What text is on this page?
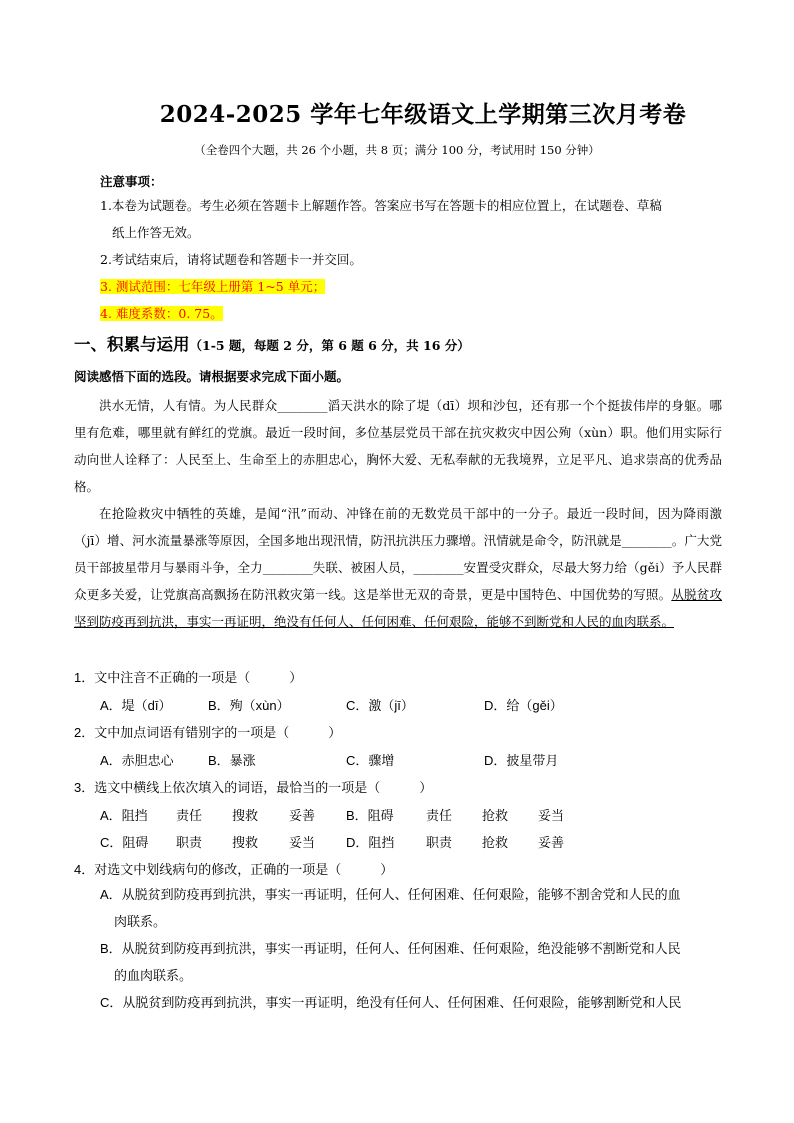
2024-2025 学年七年级语文上学期第三次月考卷
（全卷四个大题，共 26 个小题，共 8 页；满分 100 分，考试用时 150 分钟）
注意事项：
1.本卷为试题卷。考生必须在答题卡上解题作答。答案应书写在答题卡的相应位置上，在试题卷、草稿
纸上作答无效。
2.考试结束后，请将试题卷和答题卡一并交回。
3. 测试范围：七年级上册第 1~5 单元；
4. 难度系数：0. 75。
一、积累与运用（1-5 题，每题 2 分，第 6 题 6 分，共 16 分）
阅读感悟下面的选段。请根据要求完成下面小题。
洪水无情，人有情。为人民群众________滔天洪水的除了堤（dī）坝和沙包，还有那一个个挺拔伟岸的身躯。哪里有危难，哪里就有鲜红的党旗。最近一段时间，多位基层党员干部在抗灾救灾中因公殉（xùn）职。他们用实际行动向世人诠释了：人民至上、生命至上的赤胆忠心，胸怀大爱、无私奉献的无我境界，立足平凡、追求崇高的优秀品格。
在抢险救灾中牺牲的英雄，是闻“汛”而动、冲锋在前的无数党员干部中的一分子。最近一段时间，因为降雨激（jī）增、河水流量暴涨等原因，全国多地出现汛情，防汛抗洪压力骤增。汛情就是命令，防汛就是________。广大党员干部披星带月与暴雨斗争，全力________失联、被困人员，________安置受灾群众，尽最大努力给（gěi）予人民群众更多关爱，让党旗高高飘扬在防汛救灾第一线。这是举世无双的奇景，更是中国特色、中国优势的写照。从脱贫攻坚到防疫再到抗洪，事实一再证明，绝没有任何人、任何困难、任何艰险，能够不到断党和人民的血肉联系。
1．文中注音不正确的一项是（　　　）
A．堤（dī）	B．殉（xùn）	C．激（jī）	D．给（gěi）
2．文中加点词语有错别字的一项是（　　　）
A．赤胆忠心	B．暴涨	C．骤增	D．披星带月
3．选文中横线上依次填入的词语，最恰当的一项是（　　　）
A．阻挡 责任 搜救 妥善 B．阻碍 责任 抢救 妥当
C．阻碍 职责 搜救 妥当 D．阻挡 职责 抢救 妥善
4．对选文中划线病句的修改，正确的一项是（　　　）
A．从脱贫到防疫再到抗洪，事实一再证明，任何人、任何困难、任何艰险，能够不割舍党和人民的血
肉联系。
B．从脱贫到防疫再到抗洪，事实一再证明，任何人、任何困难、任何艰险，绝没能够不割断党和人民
的血肉联系。
C．从脱贫到防疫再到抗洪，事实一再证明，绝没有任何人、任何困难、任何艰险，能够割断党和人民
